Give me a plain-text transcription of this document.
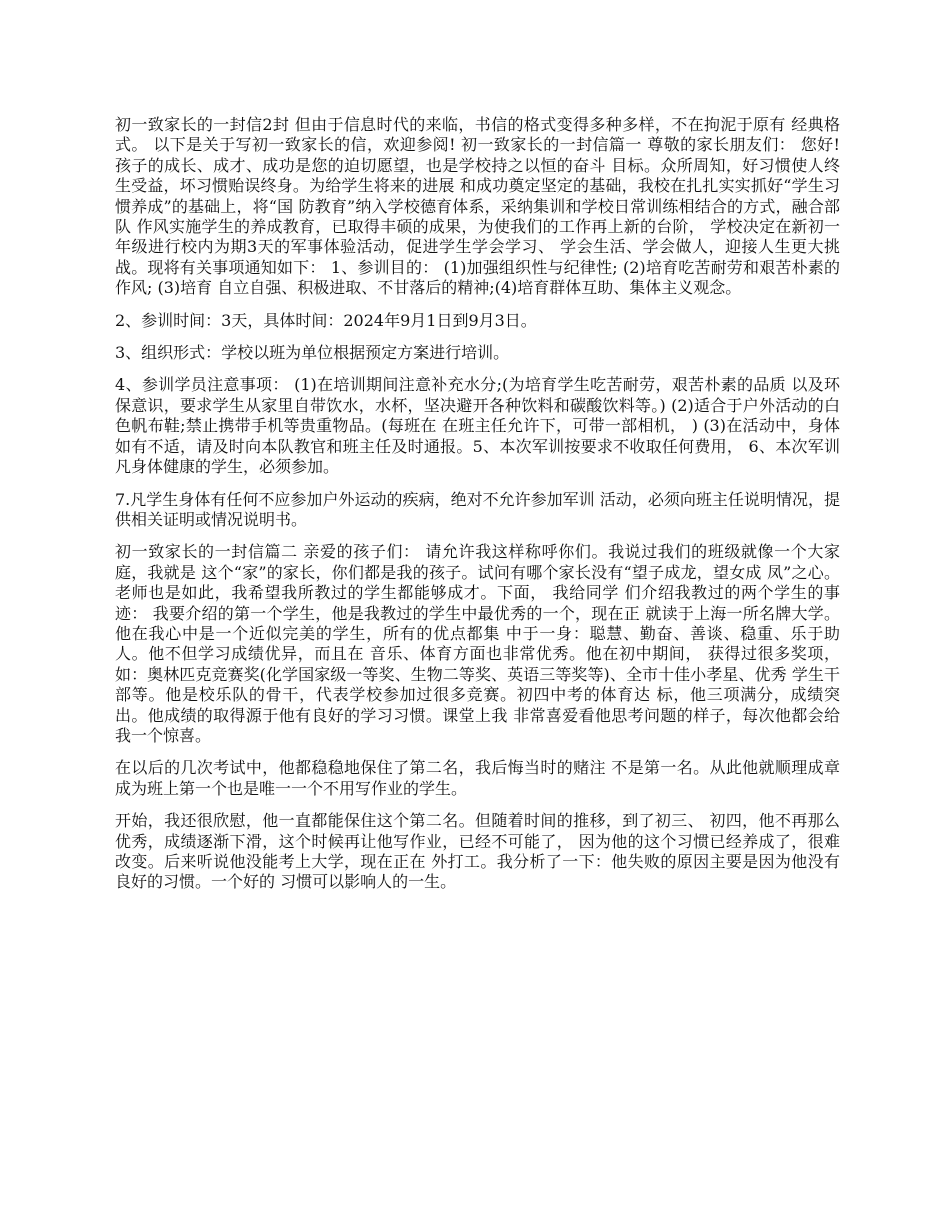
初一致家长的一封信2封 但由于信息时代的来临，书信的格式变得多种多样，不在拘泥于原有 经典格式。 以下是关于写初一致家长的信，欢迎参阅! 初一致家长的一封信篇一 尊敬的家长朋友们： 您好! 孩子的成长、成才、成功是您的迫切愿望，也是学校持之以恒的奋斗 目标。众所周知，好习惯使人终生受益，坏习惯贻误终身。为给学生将来的进展 和成功奠定坚定的基础，我校在扎扎实实抓好“学生习惯养成”的基础上，将“国 防教育”纳入学校德育体系，采纳集训和学校日常训练相结合的方式，融合部队 作风实施学生的养成教育，已取得丰硕的成果，为使我们的工作再上新的台阶， 学校决定在新初一年级进行校内为期3天的军事体验活动，促进学生学会学习、 学会生活、学会做人，迎接人生更大挑战。现将有关事项通知如下： 1、参训目的： (1)加强组织性与纪律性; (2)培育吃苦耐劳和艰苦朴素的作风; (3)培育 自立自强、积极进取、不甘落后的精神;(4)培育群体互助、集体主义观念。

2、参训时间：3天，具体时间：2024年9月1日到9月3日。

3、组织形式：学校以班为单位根据预定方案进行培训。

4、参训学员注意事项： (1)在培训期间注意补充水分;(为培育学生吃苦耐劳，艰苦朴素的品质 以及环保意识，要求学生从家里自带饮水，水杯，坚决避开各种饮料和碳酸饮料等。) (2)适合于户外活动的白色帆布鞋;禁止携带手机等贵重物品。(每班在 在班主任允许下，可带一部相机， ) (3)在活动中，身体如有不适，请及时向本队教官和班主任及时通报。5、本次军训按要求不收取任何费用， 6、本次军训凡身体健康的学生，必须参加。

7.凡学生身体有任何不应参加户外运动的疾病，绝对不允许参加军训 活动，必须向班主任说明情况，提供相关证明或情况说明书。

初一致家长的一封信篇二 亲爱的孩子们： 请允许我这样称呼你们。我说过我们的班级就像一个大家庭，我就是 这个“家”的家长，你们都是我的孩子。试问有哪个家长没有“望子成龙，望女成 凤”之心。老师也是如此，我希望我所教过的学生都能够成才。下面， 我给同学 们介绍我教过的两个学生的事迹： 我要介绍的第一个学生，他是我教过的学生中最优秀的一个，现在正 就读于上海一所名牌大学。他在我心中是一个近似完美的学生，所有的优点都集 中于一身：聪慧、勤奋、善谈、稳重、乐于助人。他不但学习成绩优异，而且在 音乐、体育方面也非常优秀。他在初中期间， 获得过很多奖项，如：奥林匹克竞赛奖(化学国家级一等奖、生物二等奖、英语三等奖等)、全市十佳小孝星、优秀 学生干部等。他是校乐队的骨干，代表学校参加过很多竞赛。初四中考的体育达 标，他三项满分，成绩突出。他成绩的取得源于他有良好的学习习惯。课堂上我 非常喜爱看他思考问题的样子，每次他都会给我一个惊喜。

在以后的几次考试中，他都稳稳地保住了第二名，我后悔当时的赌注 不是第一名。从此他就顺理成章成为班上第一个也是唯一一个不用写作业的学生。

开始，我还很欣慰，他一直都能保住这个第二名。但随着时间的推移，到了初三、 初四，他不再那么优秀，成绩逐渐下滑，这个时候再让他写作业，已经不可能了， 因为他的这个习惯已经养成了，很难改变。后来听说他没能考上大学，现在正在 外打工。我分析了一下：他失败的原因主要是因为他没有良好的习惯。一个好的 习惯可以影响人的一生。
